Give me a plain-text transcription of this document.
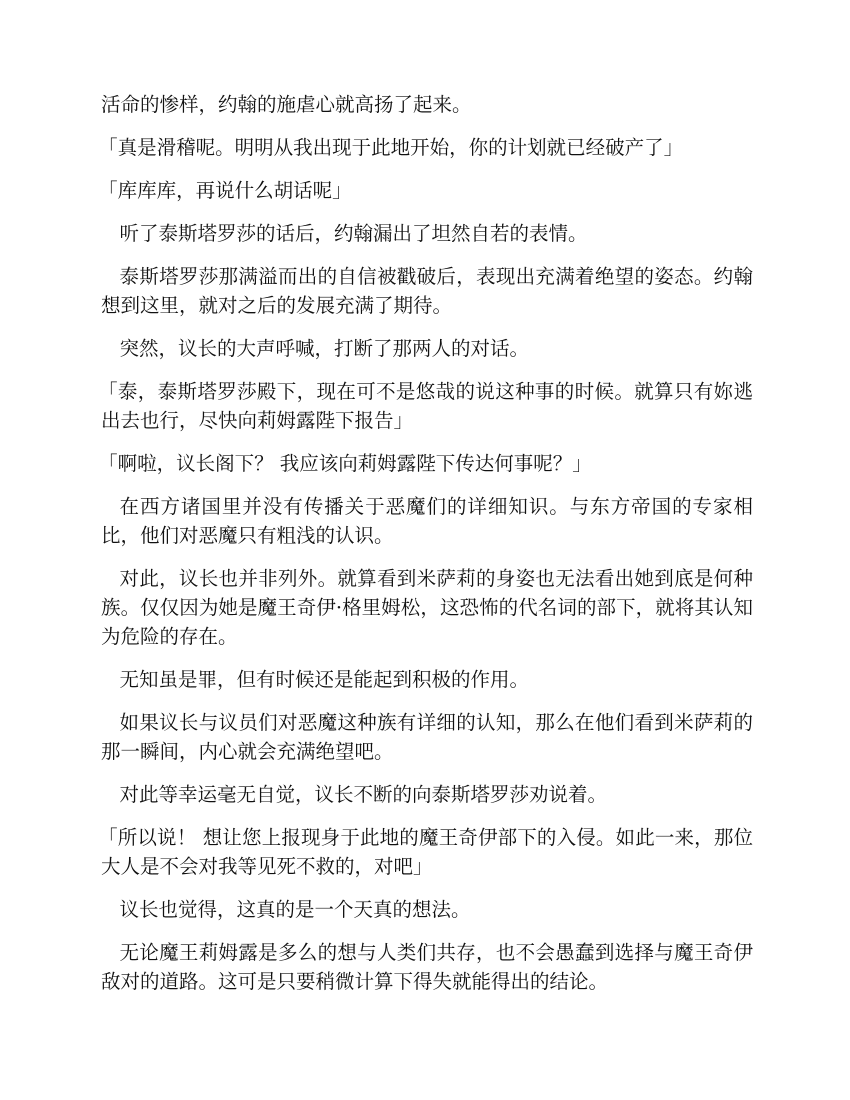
活命的惨样，约翰的施虐心就高扬了起来。

「真是滑稽呢。明明从我出现于此地开始，你的计划就已经破产了」

「库库库，再说什么胡话呢」

听了泰斯塔罗莎的话后，约翰漏出了坦然自若的表情。

泰斯塔罗莎那满溢而出的自信被戳破后，表现出充满着绝望的姿态。约翰想到这里，就对之后的发展充满了期待。

突然，议长的大声呼喊，打断了那两人的对话。

「泰，泰斯塔罗莎殿下，现在可不是悠哉的说这种事的时候。就算只有妳逃出去也行，尽快向莉姆露陛下报告」

「啊啦，议长阁下？ 我应该向莉姆露陛下传达何事呢？」

在西方诸国里并没有传播关于恶魔们的详细知识。与东方帝国的专家相比，他们对恶魔只有粗浅的认识。

对此，议长也并非列外。就算看到米萨莉的身姿也无法看出她到底是何种族。仅仅因为她是魔王奇伊·格里姆松，这恐怖的代名词的部下，就将其认知为危险的存在。

无知虽是罪，但有时候还是能起到积极的作用。

如果议长与议员们对恶魔这种族有详细的认知，那么在他们看到米萨莉的那一瞬间，内心就会充满绝望吧。

对此等幸运毫无自觉，议长不断的向泰斯塔罗莎劝说着。

「所以说！ 想让您上报现身于此地的魔王奇伊部下的入侵。如此一来，那位大人是不会对我等见死不救的，对吧」

议长也觉得，这真的是一个天真的想法。

无论魔王莉姆露是多么的想与人类们共存，也不会愚蠢到选择与魔王奇伊敌对的道路。这可是只要稍微计算下得失就能得出的结论。
